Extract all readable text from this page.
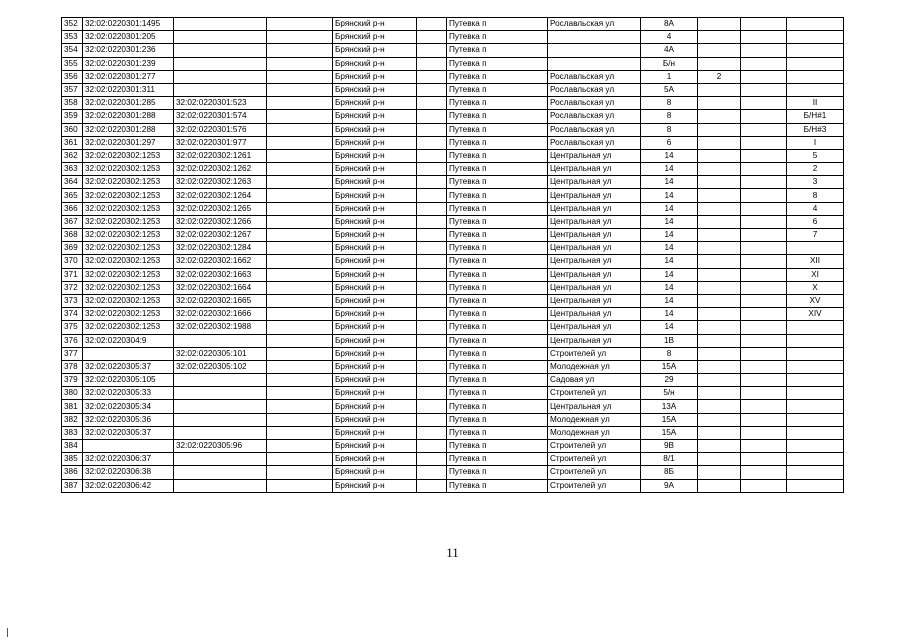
352	32:02:0220301:1495			Брянский р-н		Путевка п	Рославльская ул	8А			
353	32:02:0220301:205			Брянский р-н		Путевка п		4			
354	32:02:0220301:236			Брянский р-н		Путевка п		4А			
355	32:02:0220301:239			Брянский р-н		Путевка п		Б/н			
356	32:02:0220301:277			Брянский р-н		Путевка п	Рославльская ул	1	2		
357	32:02:0220301:311			Брянский р-н		Путевка п	Рославльская ул	5А			
358	32:02:0220301:285	32:02:0220301:523		Брянский р-н		Путевка п	Рославльская ул	8			II
359	32:02:0220301:288	32:02:0220301:574		Брянский р-н		Путевка п	Рославльская ул	8			Б/Н#1
360	32:02:0220301:288	32:02:0220301:576		Брянский р-н		Путевка п	Рославльская ул	8			Б/Н#3
361	32:02:0220301:297	32:02:0220301:977		Брянский р-н		Путевка п	Рославльская ул	6			I
362	32:02:0220302:1253	32:02:0220302:1261		Брянский р-н		Путевка п	Центральная ул	14			5
363	32:02:0220302:1253	32:02:0220302:1262		Брянский р-н		Путевка п	Центральная ул	14			2
364	32:02:0220302:1253	32:02:0220302:1263		Брянский р-н		Путевка п	Центральная ул	14			3
365	32:02:0220302:1253	32:02:0220302:1264		Брянский р-н		Путевка п	Центральная ул	14			8
366	32:02:0220302:1253	32:02:0220302:1265		Брянский р-н		Путевка п	Центральная ул	14			4
367	32:02:0220302:1253	32:02:0220302:1266		Брянский р-н		Путевка п	Центральная ул	14			6
368	32:02:0220302:1253	32:02:0220302:1267		Брянский р-н		Путевка п	Центральная ул	14			7
369	32:02:0220302:1253	32:02:0220302:1284		Брянский р-н		Путевка п	Центральная ул	14			
370	32:02:0220302:1253	32:02:0220302:1662		Брянский р-н		Путевка п	Центральная ул	14			XII
371	32:02:0220302:1253	32:02:0220302:1663		Брянский р-н		Путевка п	Центральная ул	14			XI
372	32:02:0220302:1253	32:02:0220302:1664		Брянский р-н		Путевка п	Центральная ул	14			X
373	32:02:0220302:1253	32:02:0220302:1665		Брянский р-н		Путевка п	Центральная ул	14			XV
374	32:02:0220302:1253	32:02:0220302:1666		Брянский р-н		Путевка п	Центральная ул	14			XIV
375	32:02:0220302:1253	32:02:0220302:1988		Брянский р-н		Путевка п	Центральная ул	14			
376	32:02:0220304:9			Брянский р-н		Путевка п	Центральная ул	1В			
377		32:02:0220305:101		Брянский р-н		Путевка п	Строителей ул	8			
378	32:02:0220305:37	32:02:0220305:102		Брянский р-н		Путевка п	Молодежная ул	15А			
379	32:02:0220305:105			Брянский р-н		Путевка п	Садовая ул	29			
380	32:02:0220305:33			Брянский р-н		Путевка п	Строителей ул	5/н			
381	32:02:0220305:34			Брянский р-н		Путевка п	Центральная ул	13А			
382	32:02:0220305:36			Брянский р-н		Путевка п	Молодежная ул	15А			
383	32:02:0220305:37			Брянский р-н		Путевка п	Молодежная ул	15А			
384		32:02:0220305:96		Брянский р-н		Путевка п	Строителей ул	9В			
385	32:02:0220306:37			Брянский р-н		Путевка п	Строителей ул	8/1			
386	32:02:0220306:38			Брянский р-н		Путевка п	Строителей ул	8Б			
387	32:02:0220306:42			Брянский р-н		Путевка п	Строителей ул	9А			
11
